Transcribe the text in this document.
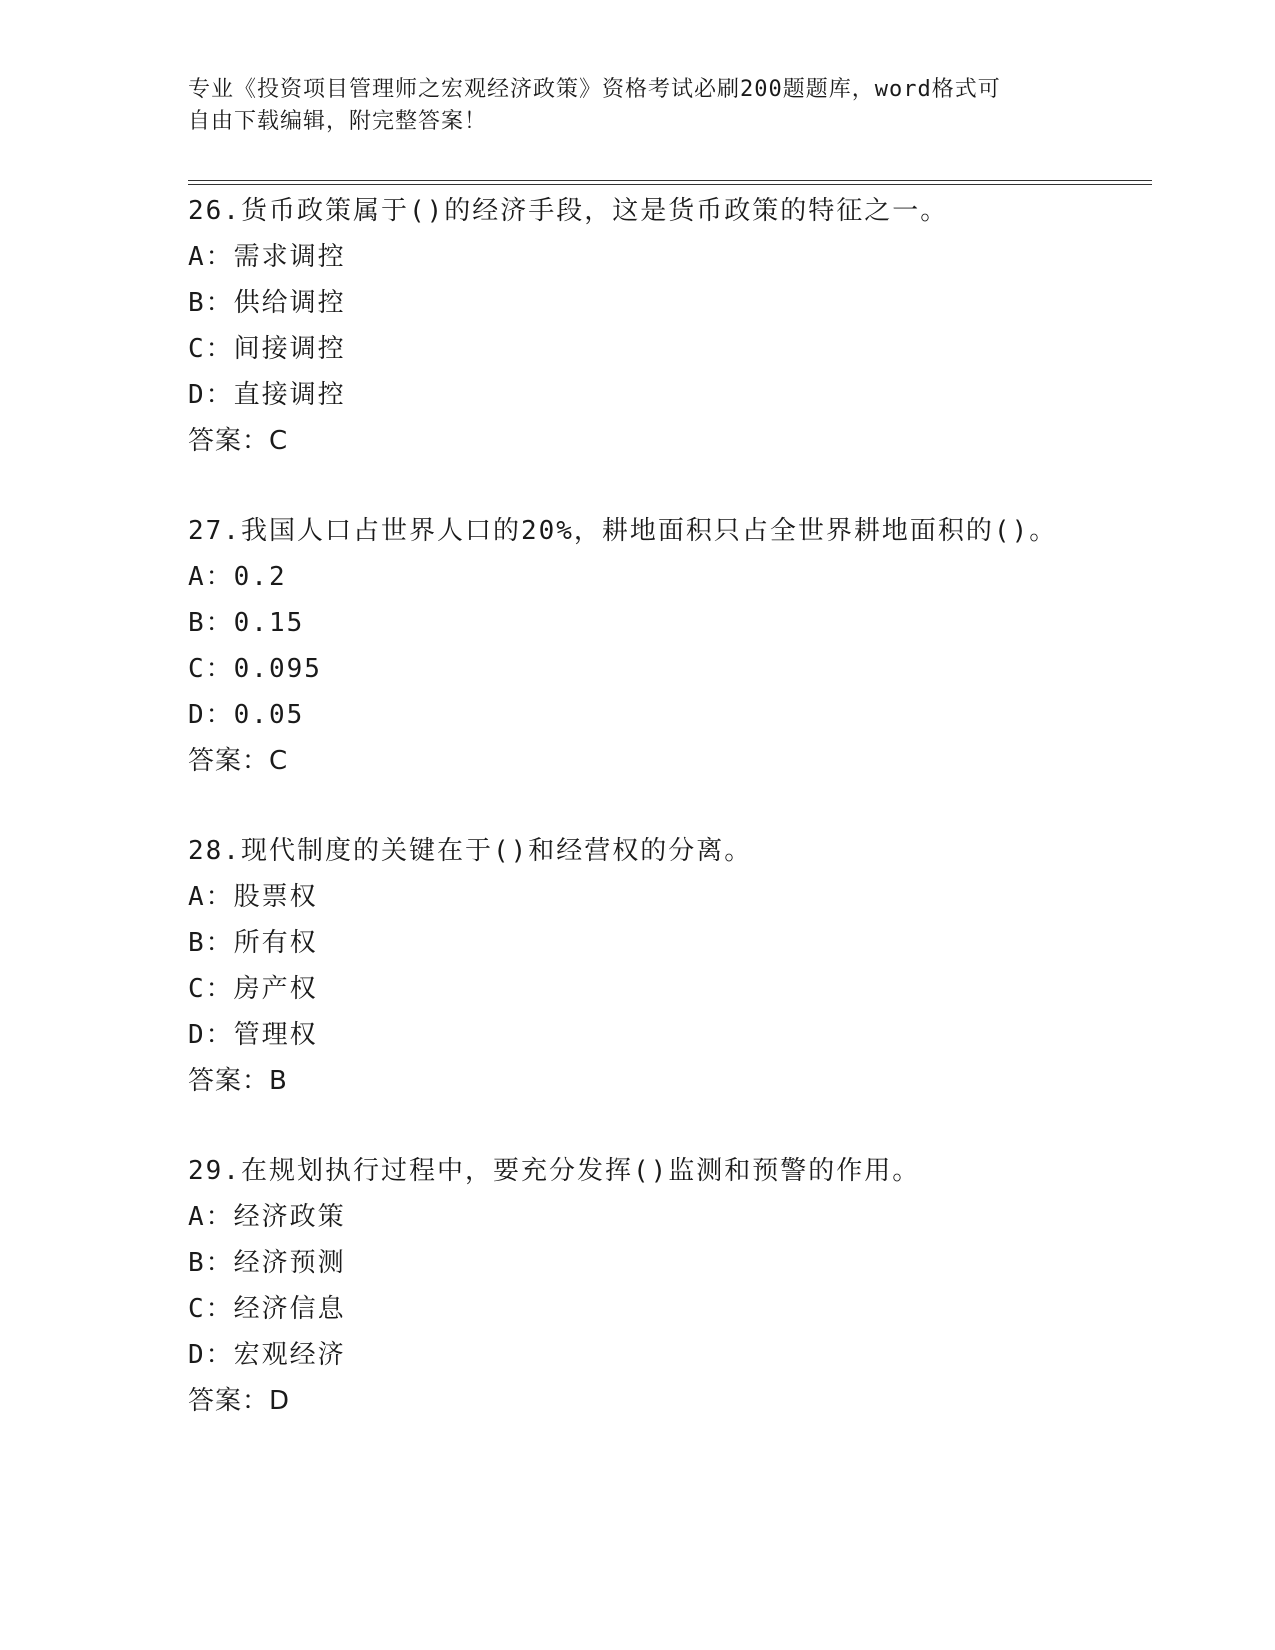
专业《投资项目管理师之宏观经济政策》资格考试必刷200题题库，word格式可
自由下载编辑，附完整答案！
26.货币政策属于()的经济手段，这是货币政策的特征之一。
A：需求调控
B：供给调控
C：间接调控
D：直接调控
答案：C
27.我国人口占世界人口的20%，耕地面积只占全世界耕地面积的()。
A：0.2
B：0.15
C：0.095
D：0.05
答案：C
28.现代制度的关键在于()和经营权的分离。
A：股票权
B：所有权
C：房产权
D：管理权
答案：B
29.在规划执行过程中，要充分发挥()监测和预警的作用。
A：经济政策
B：经济预测
C：经济信息
D：宏观经济
答案：D
